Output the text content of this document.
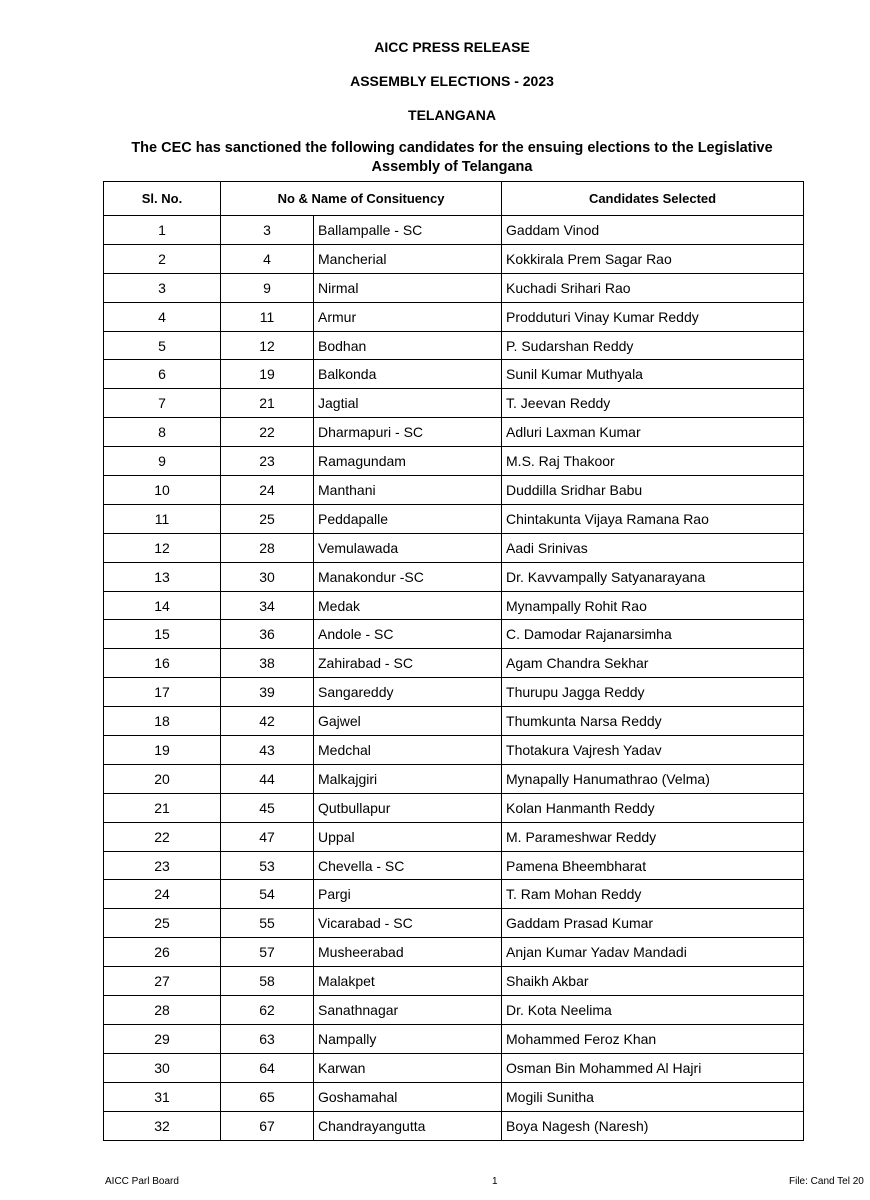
AICC PRESS RELEASE
ASSEMBLY ELECTIONS - 2023
TELANGANA
The CEC has sanctioned the following candidates for the ensuing elections to the Legislative Assembly of Telangana
Sl. No.	No & Name of Consituency		Candidates Selected
1	3	Ballampalle - SC	Gaddam Vinod
2	4	Mancherial	Kokkirala Prem Sagar Rao
3	9	Nirmal	Kuchadi Srihari Rao
4	11	Armur	Prodduturi Vinay Kumar Reddy
5	12	Bodhan	P. Sudarshan Reddy
6	19	Balkonda	Sunil Kumar Muthyala
7	21	Jagtial	T. Jeevan Reddy
8	22	Dharmapuri - SC	Adluri Laxman Kumar
9	23	Ramagundam	M.S. Raj Thakoor
10	24	Manthani	Duddilla Sridhar Babu
11	25	Peddapalle	Chintakunta Vijaya Ramana Rao
12	28	Vemulawada	Aadi Srinivas
13	30	Manakondur -SC	Dr. Kavvampally Satyanarayana
14	34	Medak	Mynampally Rohit Rao
15	36	Andole - SC	C. Damodar Rajanarsimha
16	38	Zahirabad - SC	Agam Chandra Sekhar
17	39	Sangareddy	Thurupu Jagga Reddy
18	42	Gajwel	Thumkunta Narsa Reddy
19	43	Medchal	Thotakura Vajresh Yadav
20	44	Malkajgiri	Mynapally Hanumathrao (Velma)
21	45	Qutbullapur	Kolan Hanmanth Reddy
22	47	Uppal	M. Parameshwar Reddy
23	53	Chevella - SC	Pamena Bheembharat
24	54	Pargi	T. Ram Mohan Reddy
25	55	Vicarabad - SC	Gaddam Prasad Kumar
26	57	Musheerabad	Anjan Kumar Yadav Mandadi
27	58	Malakpet	Shaikh Akbar
28	62	Sanathnagar	Dr. Kota Neelima
29	63	Nampally	Mohammed Feroz Khan
30	64	Karwan	Osman Bin Mohammed Al Hajri
31	65	Goshamahal	Mogili Sunitha
32	67	Chandrayangutta	Boya Nagesh (Naresh)
AICC Parl Board	1	File: Cand Tel 20
